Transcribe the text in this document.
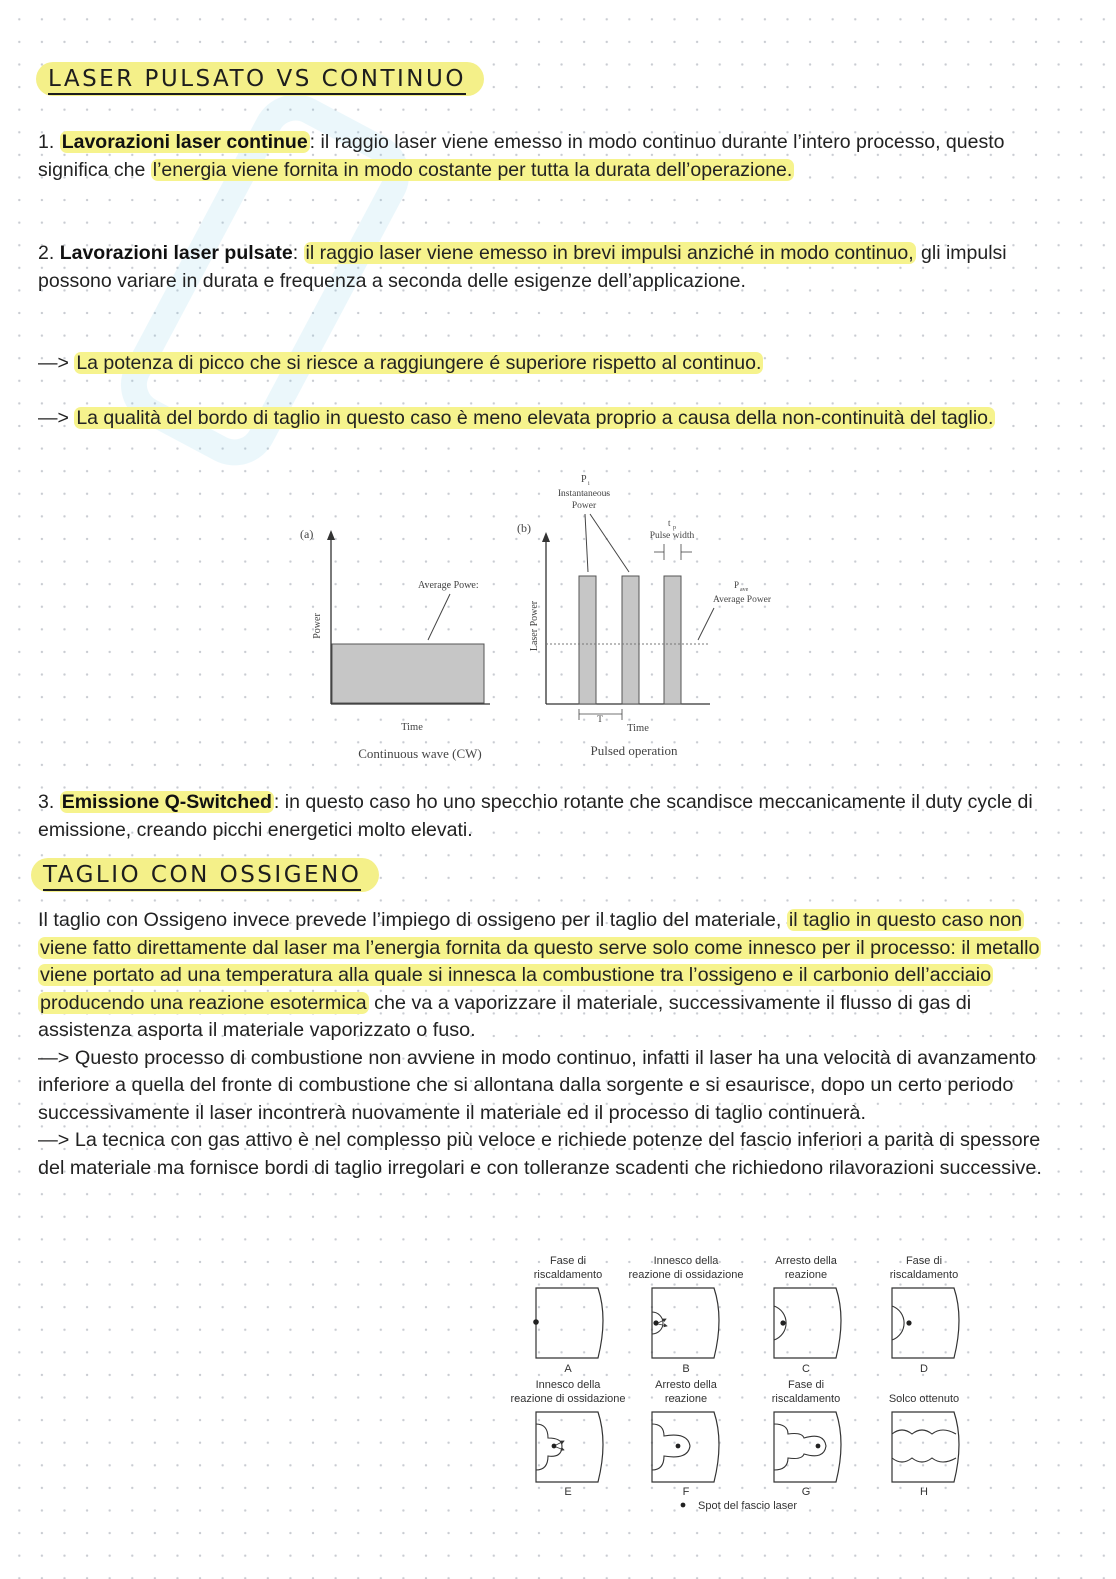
LASER PULSATO VS CONTINUO
1. Lavorazioni laser continue : il raggio laser viene emesso in modo continuo durante l’intero processo, questo significa che l’energia viene fornita in modo costante per tutta la durata dell’operazione.
2. Lavorazioni laser pulsate: il raggio laser viene emesso in brevi impulsi anziché in modo continuo, gli impulsi possono variare in durata e frequenza a seconda delle esigenze dell’applicazione.
—> La potenza di picco che si riesce a raggiungere é superiore rispetto al continuo.
—> La qualità del bordo di taglio in questo caso è meno elevata proprio a causa della non-continuità del taglio.
(a)
Power
Average Powe:
Time
Continuous wave (CW)
(b)
Laser Power
P i
Instantaneous
Power
t p
Pulse width
P ave
Average Power
T
Time
Pulsed operation
3. Emissione Q-Switched : in questo caso ho uno specchio rotante che scandisce meccanicamente il duty cycle di emissione, creando picchi energetici molto elevati.
TAGLIO CON OSSIGENO
Il taglio con Ossigeno invece prevede l’impiego di ossigeno per il taglio del materiale, il taglio in questo caso non viene fatto direttamente dal laser ma l’energia fornita da questo serve solo come innesco per il processo: il metallo viene portato ad una temperatura alla quale si innesca la combustione tra l’ossigeno e il carbonio dell’acciaio producendo una reazione esotermica che va a vaporizzare il materiale, successivamente il flusso di gas di assistenza asporta il materiale vaporizzato o fuso.
—> Questo processo di combustione non avviene in modo continuo, infatti il laser ha una velocità di avanzamento inferiore a quella del fronte di combustione che si allontana dalla sorgente e si esaurisce, dopo un certo periodo successivamente il laser incontrerà nuovamente il materiale ed il processo di taglio continuerà.
—> La tecnica con gas attivo è nel complesso più veloce e richiede potenze del fascio inferiori a parità di spessore del materiale ma fornisce bordi di taglio irregolari e con tolleranze scadenti che richiedono rilavorazioni successive.
Fase di
riscaldamento
Innesco della
reazione di ossidazione
Arresto della
reazione
Fase di
riscaldamento
A	B	C	D
Innesco della
reazione di ossidazione
Arresto della
reazione
Fase di
riscaldamento	Solco ottenuto
E	F	G	H
Spot del fascio laser
